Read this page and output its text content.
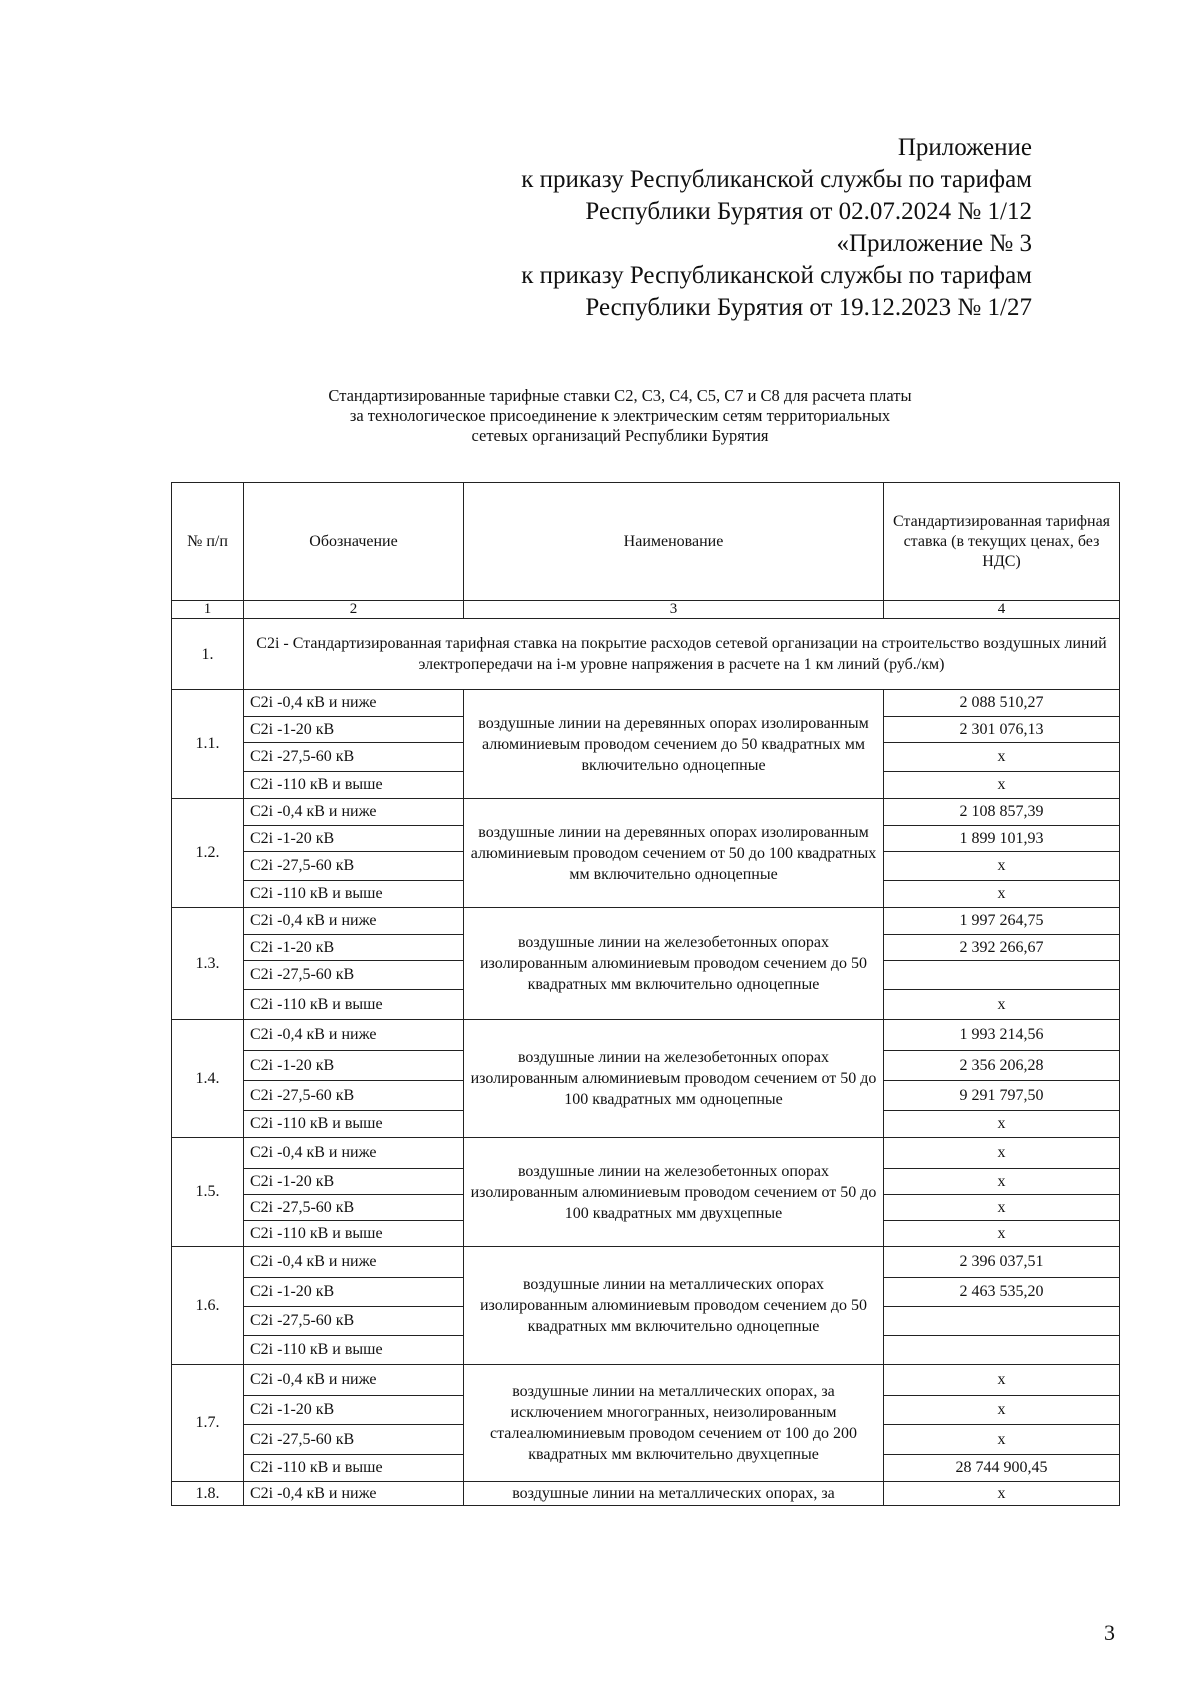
Приложение
к приказу Республиканской службы по тарифам
Республики Бурятия от 02.07.2024 № 1/12
«Приложение № 3
к приказу Республиканской службы по тарифам
Республики Бурятия от 19.12.2023 № 1/27
Стандартизированные тарифные ставки С2, С3, С4, С5, С7 и С8 для расчета платы
за технологическое присоединение к электрическим сетям территориальных
сетевых организаций Республики Бурятия
№ п/п	Обозначение	Наименование	Стандартизированная тарифная ставка (в текущих ценах, без НДС)
1	2	3	4
1.	C2i - Стандартизированная тарифная ставка на покрытие расходов сетевой организации на строительство воздушных линий электропередачи на i-м уровне напряжения в расчете на 1 км линий (руб./км)		
1.1.	C2i -0,4 кВ и ниже	воздушные линии на деревянных опорах изолированным алюминиевым проводом сечением до 50 квадратных мм включительно одноцепные	2 088 510,27
	C2i -1-20 кВ		2 301 076,13
	C2i -27,5-60 кВ		х
	C2i -110 кВ и выше		х
1.2.	C2i -0,4 кВ и ниже	воздушные линии на деревянных опорах изолированным алюминиевым проводом сечением от 50 до 100 квадратных мм включительно одноцепные	2 108 857,39
	C2i -1-20 кВ		1 899 101,93
	C2i -27,5-60 кВ		х
	C2i -110 кВ и выше		х
1.3.	C2i -0,4 кВ и ниже	воздушные линии на железобетонных опорах изолированным алюминиевым проводом сечением до 50 квадратных мм включительно одноцепные	1 997 264,75
	C2i -1-20 кВ		2 392 266,67
	C2i -27,5-60 кВ		
	C2i -110 кВ и выше		х
1.4.	C2i -0,4 кВ и ниже	воздушные линии на железобетонных опорах изолированным алюминиевым проводом сечением от 50 до 100 квадратных мм одноцепные	1 993 214,56
	C2i -1-20 кВ		2 356 206,28
	C2i -27,5-60 кВ		9 291 797,50
	C2i -110 кВ и выше		х
1.5.	C2i -0,4 кВ и ниже	воздушные линии на железобетонных опорах изолированным алюминиевым проводом сечением от 50 до 100 квадратных мм двухцепные	х
	C2i -1-20 кВ		х
	C2i -27,5-60 кВ		х
	C2i -110 кВ и выше		х
1.6.	C2i -0,4 кВ и ниже	воздушные линии на металлических опорах изолированным алюминиевым проводом сечением до 50 квадратных мм включительно одноцепные	2 396 037,51
	C2i -1-20 кВ		2 463 535,20
	C2i -27,5-60 кВ		
	C2i -110 кВ и выше		
1.7.	C2i -0,4 кВ и ниже	воздушные линии на металлических опорах, за исключением многогранных, неизолированным сталеалюминиевым проводом сечением от 100 до 200 квадратных мм включительно двухцепные	х
	C2i -1-20 кВ		х
	C2i -27,5-60 кВ		х
	C2i -110 кВ и выше		28 744 900,45
1.8.	C2i -0,4 кВ и ниже	воздушные линии на металлических опорах, за	х
3
